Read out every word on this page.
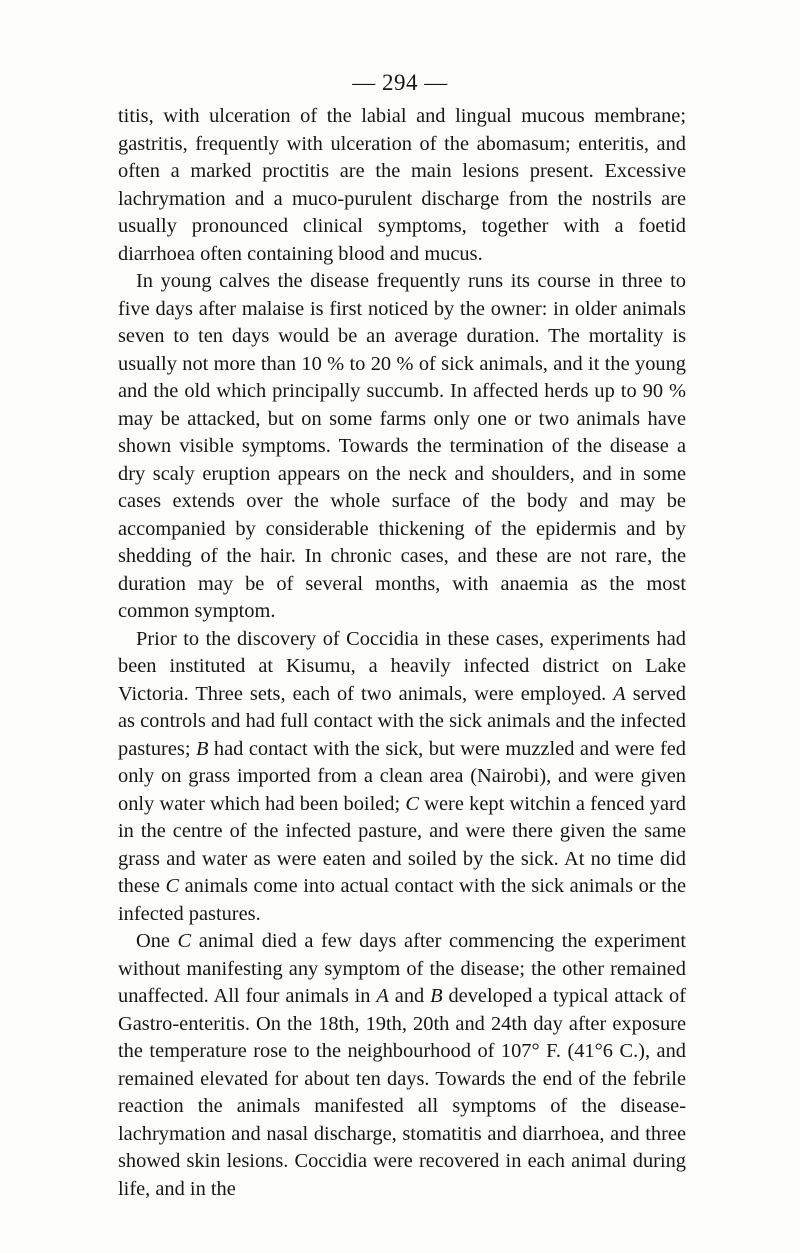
— 294 —

titis, with ulceration of the labial and lingual mucous membrane; gastritis, frequently with ulceration of the abomasum; enteritis, and often a marked proctitis are the main lesions present. Excessive lachrymation and a muco-purulent discharge from the nostrils are usually pronounced clinical symptoms, together with a foetid diarrhoea often containing blood and mucus.

In young calves the disease frequently runs its course in three to five days after malaise is first noticed by the owner: in older animals seven to ten days would be an average duration. The mortality is usually not more than 10 % to 20 % of sick animals, and it the young and the old which principally succumb. In affected herds up to 90 % may be attacked, but on some farms only one or two animals have shown visible symptoms. Towards the termination of the disease a dry scaly eruption appears on the neck and shoulders, and in some cases extends over the whole surface of the body and may be accompanied by considerable thickening of the epidermis and by shedding of the hair. In chronic cases, and these are not rare, the duration may be of several months, with anaemia as the most common symptom.

Prior to the discovery of Coccidia in these cases, experiments had been instituted at Kisumu, a heavily infected district on Lake Victoria. Three sets, each of two animals, were employed. A served as controls and had full contact with the sick animals and the infected pastures; B had contact with the sick, but were muzzled and were fed only on grass imported from a clean area (Nairobi), and were given only water which had been boiled; C were kept witchin a fenced yard in the centre of the infected pasture, and were there given the same grass and water as were eaten and soiled by the sick. At no time did these C animals come into actual contact with the sick animals or the infected pastures.

One C animal died a few days after commencing the experiment without manifesting any symptom of the disease; the other remained unaffected. All four animals in A and B developed a typical attack of Gastro-enteritis. On the 18th, 19th, 20th and 24th day after exposure the temperature rose to the neighbourhood of 107° F. (41°6 C.), and remained elevated for about ten days. Towards the end of the febrile reaction the animals manifested all symptoms of the disease-lachrymation and nasal discharge, stomatitis and diarrhoea, and three showed skin lesions. Coccidia were recovered in each animal during life, and in the
